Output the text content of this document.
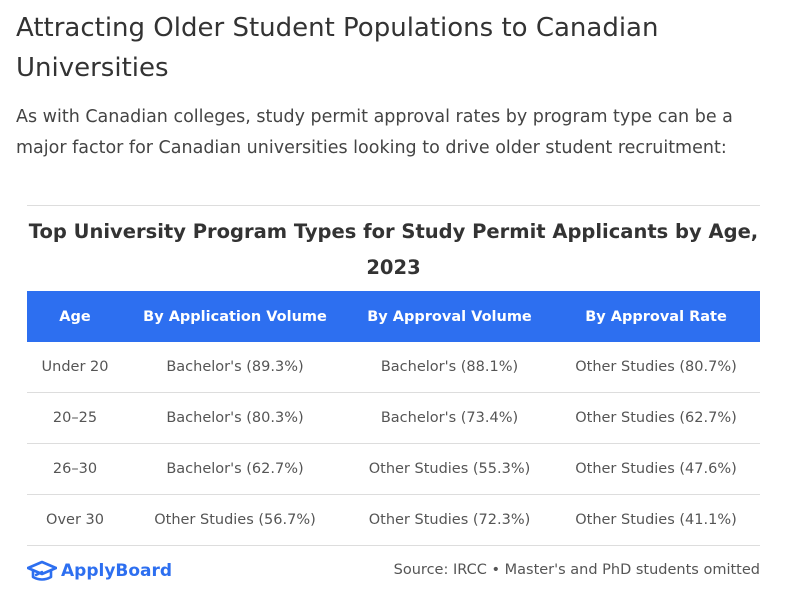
Attracting Older Student Populations to Canadian Universities

As with Canadian colleges, study permit approval rates by program type can be a major factor for Canadian universities looking to drive older student recruitment:

Top University Program Types for Study Permit Applicants by Age, 2023
Age	By Application Volume	By Approval Volume	By Approval Rate
Under 20	Bachelor's (89.3%)	Bachelor's (88.1%)	Other Studies (80.7%)
20–25	Bachelor's (80.3%)	Bachelor's (73.4%)	Other Studies (62.7%)
26–30	Bachelor's (62.7%)	Other Studies (55.3%)	Other Studies (47.6%)
Over 30	Other Studies (56.7%)	Other Studies (72.3%)	Other Studies (41.1%)
ApplyBoard	Source: IRCC • Master's and PhD students omitted
